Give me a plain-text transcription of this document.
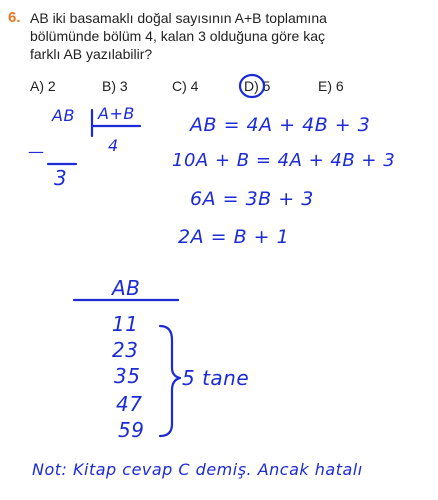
6. AB iki basamaklı doğal sayısının A+B toplamına
bölümünde bölüm 4, kalan 3 olduğuna göre kaç
farklı AB yazılabilir?
A) 2	B) 3	C) 4	D) 5	E) 6
AB A+B
4
—
3
AB = 4A + 4B + 3
10A + B = 4A + 4B + 3
6A = 3B + 3
2A = B + 1
AB
11
23
35
47
59
5 tane
Not: Kitap cevap C demiş. Ancak hatalı
